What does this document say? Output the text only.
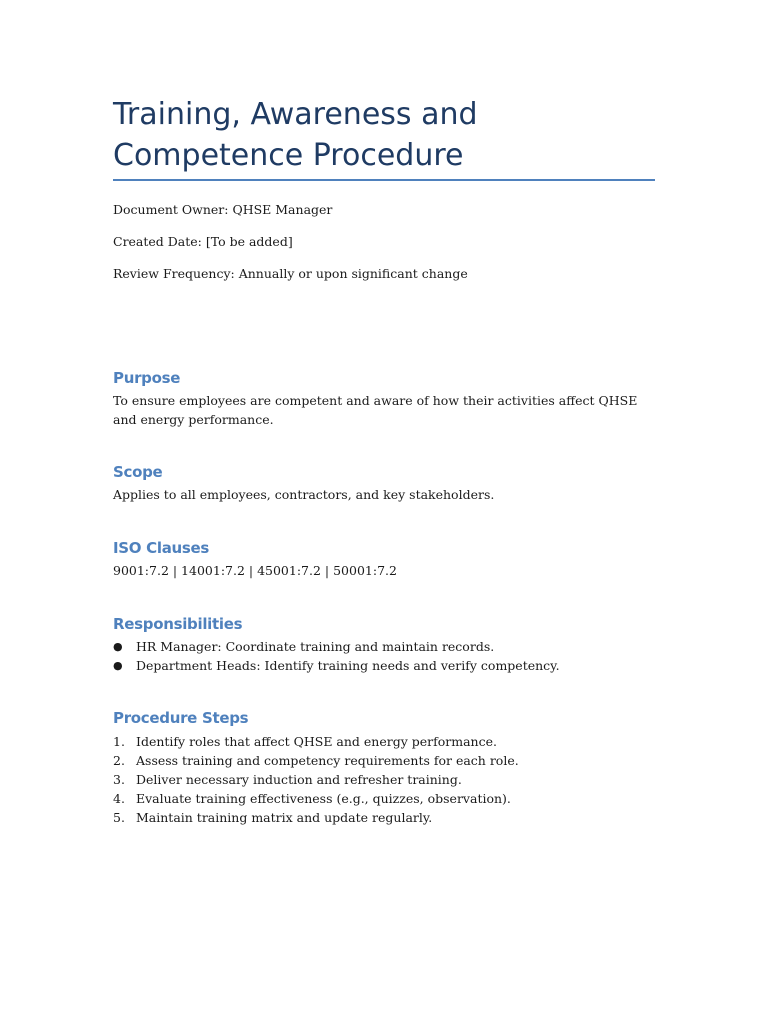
Training, Awareness and Competence Procedure

Document Owner: QHSE Manager

Created Date: [To be added]

Review Frequency: Annually or upon significant change

Purpose

To ensure employees are competent and aware of how their activities affect QHSE and energy performance.

Scope

Applies to all employees, contractors, and key stakeholders.

ISO Clauses

9001:7.2 | 14001:7.2 | 45001:7.2 | 50001:7.2

Responsibilities
● HR Manager: Coordinate training and maintain records.
● Department Heads: Identify training needs and verify competency.
Procedure Steps
1. Identify roles that affect QHSE and energy performance.
2. Assess training and competency requirements for each role.
3. Deliver necessary induction and refresher training.
4. Evaluate training effectiveness (e.g., quizzes, observation).
5. Maintain training matrix and update regularly.
